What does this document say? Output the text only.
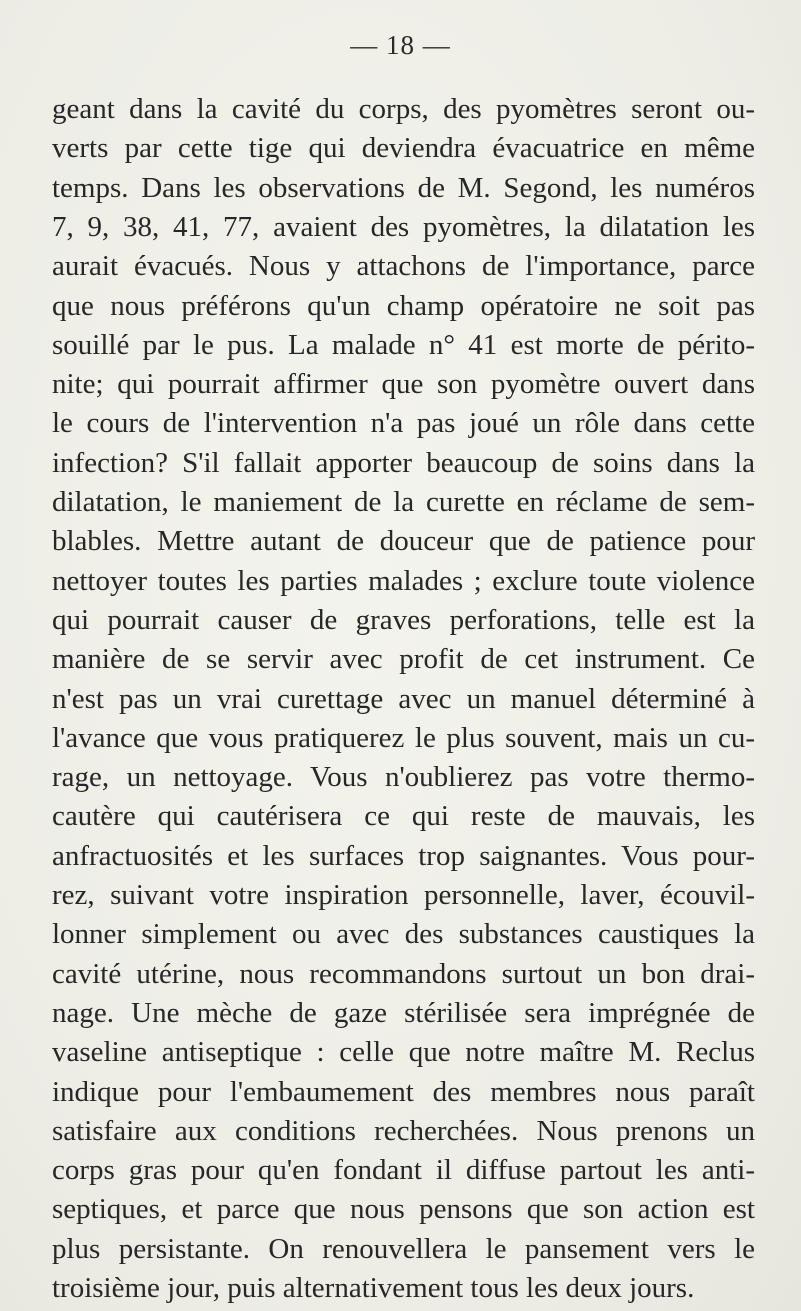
— 18 —
geant dans la cavité du corps, des pyomètres seront ou-
verts par cette tige qui deviendra évacuatrice en même
temps. Dans les observations de M. Segond, les numéros
7, 9, 38, 41, 77, avaient des pyomètres, la dilatation les
aurait évacués. Nous y attachons de l'importance, parce
que nous préférons qu'un champ opératoire ne soit pas
souillé par le pus. La malade n° 41 est morte de périto-
nite; qui pourrait affirmer que son pyomètre ouvert dans
le cours de l'intervention n'a pas joué un rôle dans cette
infection? S'il fallait apporter beaucoup de soins dans la
dilatation, le maniement de la curette en réclame de sem-
blables. Mettre autant de douceur que de patience pour
nettoyer toutes les parties malades ; exclure toute violence
qui pourrait causer de graves perforations, telle est la
manière de se servir avec profit de cet instrument. Ce
n'est pas un vrai curettage avec un manuel déterminé à
l'avance que vous pratiquerez le plus souvent, mais un cu-
rage, un nettoyage. Vous n'oublierez pas votre thermo-
cautère qui cautérisera ce qui reste de mauvais, les
anfractuosités et les surfaces trop saignantes. Vous pour-
rez, suivant votre inspiration personnelle, laver, écouvil-
lonner simplement ou avec des substances caustiques la
cavité utérine, nous recommandons surtout un bon drai-
nage. Une mèche de gaze stérilisée sera imprégnée de
vaseline antiseptique : celle que notre maître M. Reclus
indique pour l'embaumement des membres nous paraît
satisfaire aux conditions recherchées. Nous prenons un
corps gras pour qu'en fondant il diffuse partout les anti-
septiques, et parce que nous pensons que son action est
plus persistante. On renouvellera le pansement vers le
troisième jour, puis alternativement tous les deux jours.
